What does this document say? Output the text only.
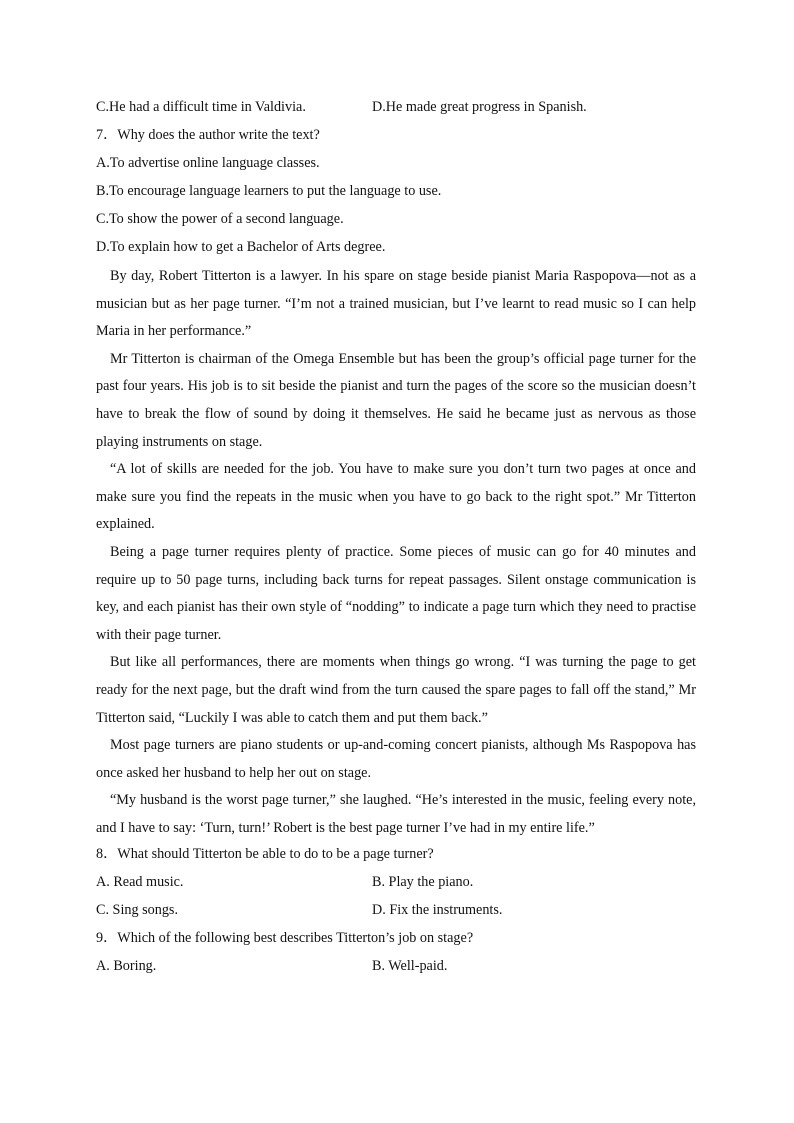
C.He had a difficult time in Valdivia.	D.He made great progress in Spanish.
7．Why does the author write the text?
A.To advertise online language classes.
B.To encourage language learners to put the language to use.
C.To show the power of a second language.
D.To explain how to get a Bachelor of Arts degree.

By day, Robert Titterton is a lawyer. In his spare on stage beside pianist Maria Raspopova—not as a musician but as her page turner. “I’m not a trained musician, but I’ve learnt to read music so I can help Maria in her performance.”

Mr Titterton is chairman of the Omega Ensemble but has been the group’s official page turner for the past four years. His job is to sit beside the pianist and turn the pages of the score so the musician doesn’t have to break the flow of sound by doing it themselves. He said he became just as nervous as those playing instruments on stage.

“A lot of skills are needed for the job. You have to make sure you don’t turn two pages at once and make sure you find the repeats in the music when you have to go back to the right spot.” Mr Titterton explained.

Being a page turner requires plenty of practice. Some pieces of music can go for 40 minutes and require up to 50 page turns, including back turns for repeat passages. Silent onstage communication is key, and each pianist has their own style of “nodding” to indicate a page turn which they need to practise with their page turner.

But like all performances, there are moments when things go wrong. “I was turning the page to get ready for the next page, but the draft wind from the turn caused the spare pages to fall off the stand,” Mr Titterton said, “Luckily I was able to catch them and put them back.”

Most page turners are piano students or up-and-coming concert pianists, although Ms Raspopova has once asked her husband to help her out on stage.

“My husband is the worst page turner,” she laughed. “He’s interested in the music, feeling every note, and I have to say: ‘Turn, turn!’ Robert is the best page turner I’ve had in my entire life.”

8．What should Titterton be able to do to be a page turner?
A. Read music.	B. Play the piano.
C. Sing songs.	D. Fix the instruments.
9．Which of the following best describes Titterton’s job on stage?
A. Boring.	B. Well-paid.
